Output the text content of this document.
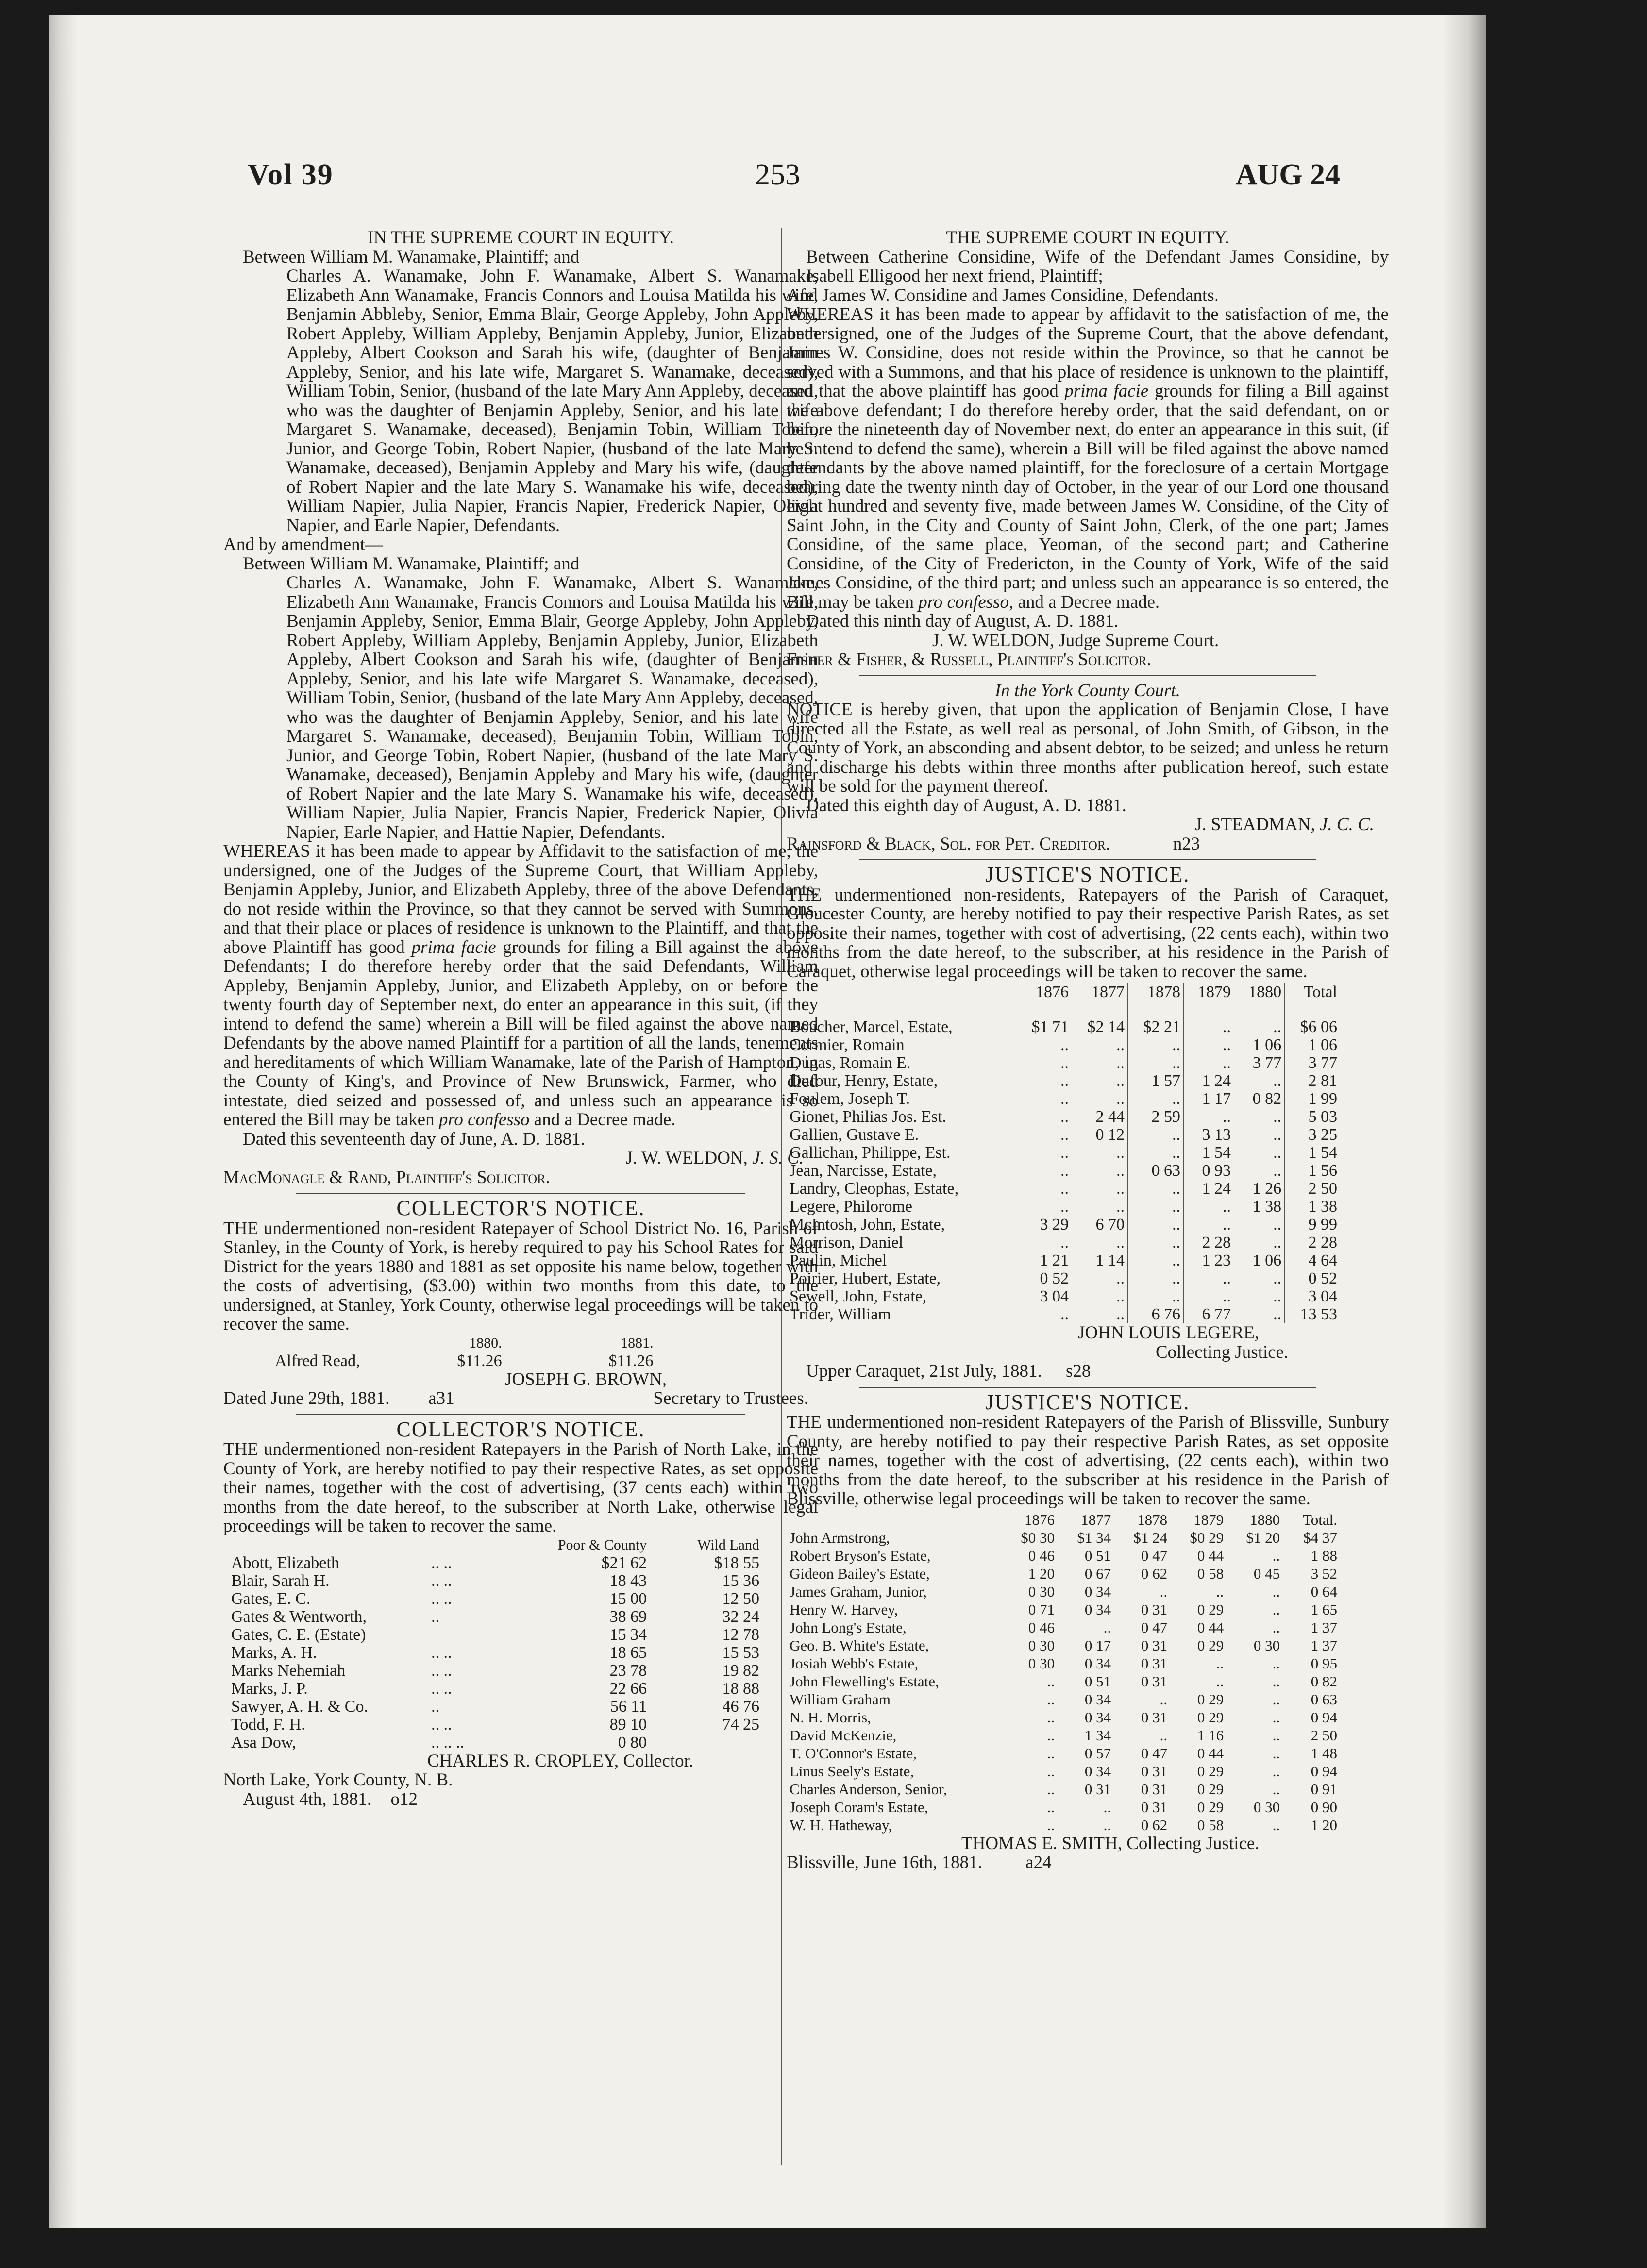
Vol 39	253	AUG 24

IN THE SUPREME COURT IN EQUITY.

Between William M. Wanamake, Plaintiff; and

Charles A. Wanamake, John F. Wanamake, Albert S. Wanamake, Elizabeth Ann Wanamake, Francis Connors and Louisa Matilda his wife, Benjamin Abbleby, Senior, Emma Blair, George Appleby, John Appleby, Robert Appleby, William Appleby, Benjamin Appleby, Junior, Elizabeth Appleby, Albert Cookson and Sarah his wife, (daughter of Benjamin Appleby, Senior, and his late wife, Margaret S. Wanamake, deceased), William Tobin, Senior, (husband of the late Mary Ann Appleby, deceased, who was the daughter of Benjamin Appleby, Senior, and his late wife Margaret S. Wanamake, deceased), Benjamin Tobin, William Tobin, Junior, and George Tobin, Robert Napier, (husband of the late Mary S. Wanamake, deceased), Benjamin Appleby and Mary his wife, (daughter of Robert Napier and the late Mary S. Wanamake his wife, deceased), William Napier, Julia Napier, Francis Napier, Frederick Napier, Olivia Napier, and Earle Napier, Defendants.

And by amendment—

Between William M. Wanamake, Plaintiff; and

Charles A. Wanamake, John F. Wanamake, Albert S. Wanamake, Elizabeth Ann Wanamake, Francis Connors and Louisa Matilda his wife, Benjamin Appleby, Senior, Emma Blair, George Appleby, John Appleby, Robert Appleby, William Appleby, Benjamin Appleby, Junior, Elizabeth Appleby, Albert Cookson and Sarah his wife, (daughter of Benjamin Appleby, Senior, and his late wife Margaret S. Wanamake, deceased), William Tobin, Senior, (husband of the late Mary Ann Appleby, deceased, who was the daughter of Benjamin Appleby, Senior, and his late wife Margaret S. Wanamake, deceased), Benjamin Tobin, William Tobin, Junior, and George Tobin, Robert Napier, (husband of the late Mary S. Wanamake, deceased), Benjamin Appleby and Mary his wife, (daughter of Robert Napier and the late Mary S. Wanamake his wife, deceased), William Napier, Julia Napier, Francis Napier, Frederick Napier, Olivia Napier, Earle Napier, and Hattie Napier, Defendants.

WHEREAS it has been made to appear by Affidavit to the satisfaction of me, the undersigned, one of the Judges of the Supreme Court, that William Appleby, Benjamin Appleby, Junior, and Elizabeth Appleby, three of the above Defendants, do not reside within the Province, so that they cannot be served with Summons, and that their place or places of residence is unknown to the Plaintiff, and that the above Plaintiff has good prima facie grounds for filing a Bill against the above Defendants; I do therefore hereby order that the said Defendants, William Appleby, Benjamin Appleby, Junior, and Elizabeth Appleby, on or before the twenty fourth day of September next, do enter an appearance in this suit, (if they intend to defend the same) wherein a Bill will be filed against the above named Defendants by the above named Plaintiff for a partition of all the lands, tenements and hereditaments of which William Wanamake, late of the Parish of Hampton, in the County of King's, and Province of New Brunswick, Farmer, who died intestate, died seized and possessed of, and unless such an appearance is so entered the Bill may be taken pro confesso and a Decree made.

Dated this seventeenth day of June, A. D. 1881.

J. W. WELDON, J. S. C.

MacMonagle & Rand, Plaintiff's Solicitor.

COLLECTOR'S NOTICE.

THE undermentioned non-resident Ratepayer of School District No. 16, Parish of Stanley, in the County of York, is hereby required to pay his School Rates for said District for the years 1880 and 1881 as set opposite his name below, together with the costs of advertising, ($3.00) within two months from this date, to the undersigned, at Stanley, York County, otherwise legal proceedings will be taken to recover the same.

	1880.	1881.
Alfred Read,	$11.26	$11.26

JOSEPH G. BROWN,

Dated June 29th, 1881. a31	Secretary to Trustees.

COLLECTOR'S NOTICE.

THE undermentioned non-resident Ratepayers in the Parish of North Lake, in the County of York, are hereby notified to pay their respective Rates, as set opposite their names, together with the cost of advertising, (37 cents each) within two months from the date hereof, to the subscriber at North Lake, otherwise legal proceedings will be taken to recover the same.

		Poor & County	Wild Land
Abott, Elizabeth	.. ..	$21 62	$18 55
Blair, Sarah H.	.. ..	18 43	15 36
Gates, E. C.	.. ..	15 00	12 50
Gates & Wentworth,	..	38 69	32 24
Gates, C. E. (Estate)		15 34	12 78
Marks, A. H.	.. ..	18 65	15 53
Marks Nehemiah	.. ..	23 78	19 82
Marks, J. P.	.. ..	22 66	18 88
Sawyer, A. H. & Co.	..	56 11	46 76
Todd, F. H.	.. ..	89 10	74 25
Asa Dow,	.. .. ..	0 80	

CHARLES R. CROPLEY, Collector.

North Lake, York County, N. B.

August 4th, 1881. o12

THE SUPREME COURT IN EQUITY.

Between Catherine Considine, Wife of the Defendant James Considine, by Isabell Elligood her next friend, Plaintiff;

And James W. Considine and James Considine, Defendants.

WHEREAS it has been made to appear by affidavit to the satisfaction of me, the undersigned, one of the Judges of the Supreme Court, that the above defendant, James W. Considine, does not reside within the Province, so that he cannot be served with a Summons, and that his place of residence is unknown to the plaintiff, and that the above plaintiff has good prima facie grounds for filing a Bill against the above defendant; I do therefore hereby order, that the said defendant, on or before the nineteenth day of November next, do enter an appearance in this suit, (if he intend to defend the same), wherein a Bill will be filed against the above named defendants by the above named plaintiff, for the foreclosure of a certain Mortgage bearing date the twenty ninth day of October, in the year of our Lord one thousand eight hundred and seventy five, made between James W. Considine, of the City of Saint John, in the City and County of Saint John, Clerk, of the one part; James Considine, of the same place, Yeoman, of the second part; and Catherine Considine, of the City of Fredericton, in the County of York, Wife of the said James Considine, of the third part; and unless such an appearance is so entered, the Bill may be taken pro confesso, and a Decree made.

Dated this ninth day of August, A. D. 1881.

J. W. WELDON, Judge Supreme Court.

Fisher & Fisher, & Russell, Plaintiff's Solicitor.

In the York County Court.

NOTICE is hereby given, that upon the application of Benjamin Close, I have directed all the Estate, as well real as personal, of John Smith, of Gibson, in the County of York, an absconding and absent debtor, to be seized; and unless he return and discharge his debts within three months after publication hereof, such estate will be sold for the payment thereof.

Dated this eighth day of August, A. D. 1881.

J. STEADMAN, J. C. C.

Rainsford & Black, Sol. for Pet. Creditor.	n23

JUSTICE'S NOTICE.

THE undermentioned non-residents, Ratepayers of the Parish of Caraquet, Gloucester County, are hereby notified to pay their respective Parish Rates, as set opposite their names, together with cost of advertising, (22 cents each), within two months from the date hereof, to the subscriber, at his residence in the Parish of Caraquet, otherwise legal proceedings will be taken to recover the same.

	1876	1877	1878	1879	1880	Total

Boucher, Marcel, Estate,	$1 71	$2 14	$2 21	..	..	$6 06
Cormier, Romain	..	..	..	..	1 06	1 06
Dugas, Romain E.	..	..	..	..	3 77	3 77
Dufour, Henry, Estate,	..	..	1 57	1 24	..	2 81
Foulem, Joseph T.	..	..	..	1 17	0 82	1 99
Gionet, Philias Jos. Est.	..	2 44	2 59	..	..	5 03
Gallien, Gustave E.	..	0 12	..	3 13	..	3 25
Gallichan, Philippe, Est.	..	..	..	1 54	..	1 54
Jean, Narcisse, Estate,	..	..	0 63	0 93	..	1 56
Landry, Cleophas, Estate,	..	..	..	1 24	1 26	2 50
Legere, Philorome	..	..	..	..	1 38	1 38
McIntosh, John, Estate,	3 29	6 70	..	..	..	9 99
Morrison, Daniel	..	..	..	2 28	..	2 28
Paulin, Michel	1 21	1 14	..	1 23	1 06	4 64
Poirier, Hubert, Estate,	0 52	..	..	..	..	0 52
Sewell, John, Estate,	3 04	..	..	..	..	3 04
Trider, William	..	..	6 76	6 77	..	13 53

JOHN LOUIS LEGERE,

Collecting Justice.

Upper Caraquet, 21st July, 1881. s28

JUSTICE'S NOTICE.

THE undermentioned non-resident Ratepayers of the Parish of Blissville, Sunbury County, are hereby notified to pay their respective Parish Rates, as set opposite their names, together with the cost of advertising, (22 cents each), within two months from the date hereof, to the subscriber at his residence in the Parish of Blissville, otherwise legal proceedings will be taken to recover the same.

	1876	1877	1878	1879	1880	Total.
John Armstrong,	$0 30	$1 34	$1 24	$0 29	$1 20	$4 37
Robert Bryson's Estate,	0 46	0 51	0 47	0 44	..	1 88
Gideon Bailey's Estate,	1 20	0 67	0 62	0 58	0 45	3 52
James Graham, Junior,	0 30	0 34	..	..	..	0 64
Henry W. Harvey,	0 71	0 34	0 31	0 29	..	1 65
John Long's Estate,	0 46	..	0 47	0 44	..	1 37
Geo. B. White's Estate,	0 30	0 17	0 31	0 29	0 30	1 37
Josiah Webb's Estate,	0 30	0 34	0 31	..	..	0 95
John Flewelling's Estate,	..	0 51	0 31	..	..	0 82
William Graham	..	0 34	..	0 29	..	0 63
N. H. Morris,	..	0 34	0 31	0 29	..	0 94
David McKenzie,	..	1 34	..	1 16	..	2 50
T. O'Connor's Estate,	..	0 57	0 47	0 44	..	1 48
Linus Seely's Estate,	..	0 34	0 31	0 29	..	0 94
Charles Anderson, Senior,	..	0 31	0 31	0 29	..	0 91
Joseph Coram's Estate,	..	..	0 31	0 29	0 30	0 90
W. H. Hatheway,	..	..	0 62	0 58	..	1 20

THOMAS E. SMITH, Collecting Justice.

Blissville, June 16th, 1881. a24
